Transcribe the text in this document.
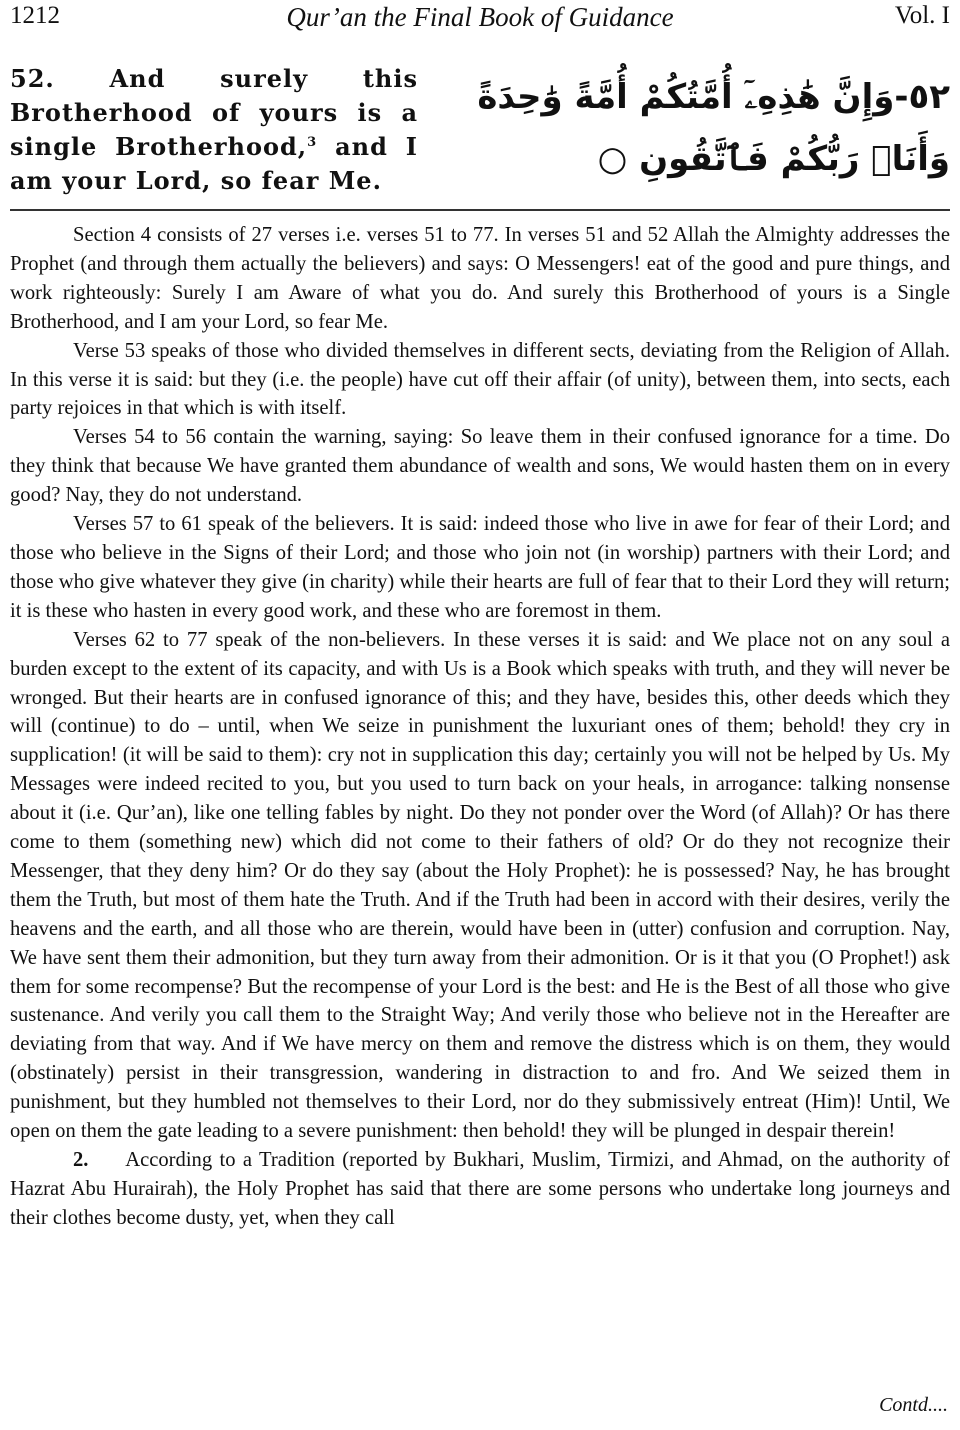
1212	Qur’an the Final Book of Guidance	Vol. I
52. And surely this Brotherhood of yours is a single Brotherhood,$^3$ and I am your Lord, so fear Me.
٥٢-وَإِنَّ هَٰذِهِۦٓ أُمَّتُكُمْ أُمَّةً وَٰحِدَةً
وَأَنَا۠ رَبُّكُمْ فَٱتَّقُونِ ○

Section 4 consists of 27 verses i.e. verses 51 to 77. In verses 51 and 52 Allah the Almighty addresses the Prophet (and through them actually the believers) and says: O Messengers! eat of the good and pure things, and work righteously: Surely I am Aware of what you do. And surely this Brotherhood of yours is a Single Brotherhood, and I am your Lord, so fear Me.

Verse 53 speaks of those who divided themselves in different sects, deviating from the Religion of Allah. In this verse it is said: but they (i.e. the people) have cut off their affair (of unity), between them, into sects, each party rejoices in that which is with itself.

Verses 54 to 56 contain the warning, saying: So leave them in their confused ignorance for a time. Do they think that because We have granted them abundance of wealth and sons, We would hasten them on in every good? Nay, they do not understand.

Verses 57 to 61 speak of the believers. It is said: indeed those who live in awe for fear of their Lord; and those who believe in the Signs of their Lord; and those who join not (in worship) partners with their Lord; and those who give whatever they give (in charity) while their hearts are full of fear that to their Lord they will return; it is these who hasten in every good work, and these who are foremost in them.

Verses 62 to 77 speak of the non-believers. In these verses it is said: and We place not on any soul a burden except to the extent of its capacity, and with Us is a Book which speaks with truth, and they will never be wronged. But their hearts are in confused ignorance of this; and they have, besides this, other deeds which they will (continue) to do – until, when We seize in punishment the luxuriant ones of them; behold! they cry in supplication! (it will be said to them): cry not in supplication this day; certainly you will not be helped by Us. My Messages were indeed recited to you, but you used to turn back on your heals, in arrogance: talking nonsense about it (i.e. Qur’an), like one telling fables by night. Do they not ponder over the Word (of Allah)? Or has there come to them (something new) which did not come to their fathers of old? Or do they not recognize their Messenger, that they deny him? Or do they say (about the Holy Prophet): he is possessed? Nay, he has brought them the Truth, but most of them hate the Truth. And if the Truth had been in accord with their desires, verily the heavens and the earth, and all those who are therein, would have been in (utter) confusion and corruption. Nay, We have sent them their admonition, but they turn away from their admonition. Or is it that you (O Prophet!) ask them for some recompense? But the recompense of your Lord is the best: and He is the Best of all those who give sustenance. And verily you call them to the Straight Way; And verily those who believe not in the Hereafter are deviating from that way. And if We have mercy on them and remove the distress which is on them, they would (obstinately) persist in their transgression, wandering in distraction to and fro. And We seized them in punishment, but they humbled not themselves to their Lord, nor do they submissively entreat (Him)! Until, We open on them the gate leading to a severe punishment: then behold! they will be plunged in despair therein!

2. According to a Tradition (reported by Bukhari, Muslim, Tirmizi, and Ahmad, on the authority of Hazrat Abu Huraira​h), the Holy Prophet has said that there are some persons who undertake long journeys and their clothes become dusty, yet, when they call

Contd....
